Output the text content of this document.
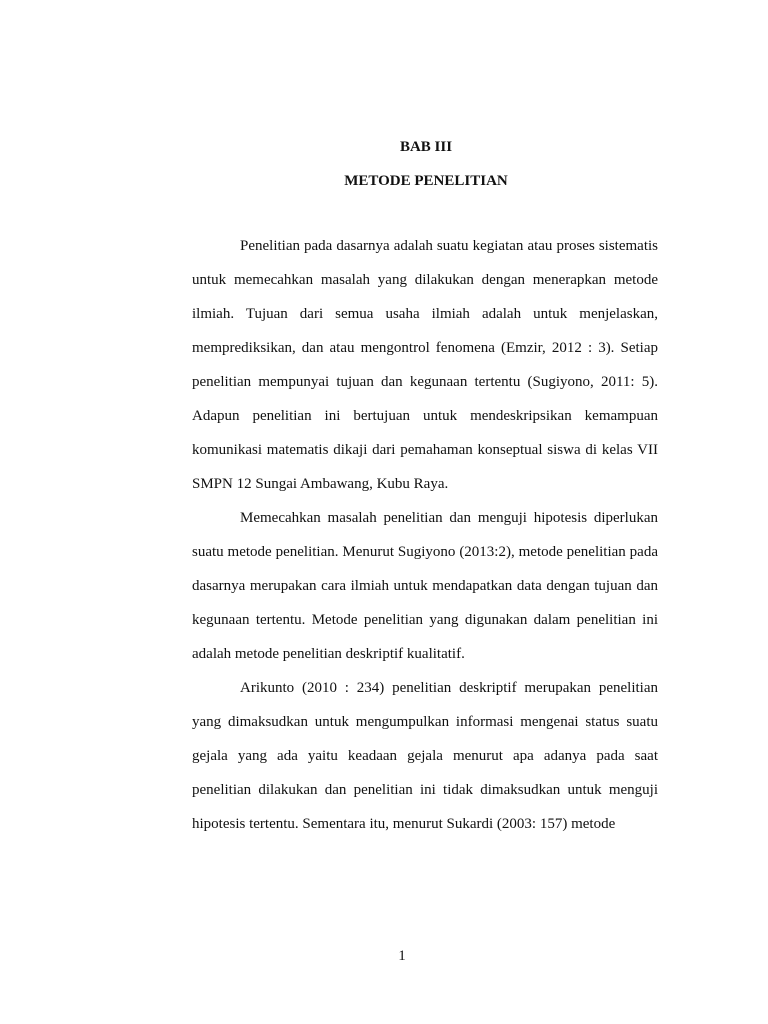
BAB III
METODE PENELITIAN

Penelitian pada dasarnya adalah suatu kegiatan atau proses sistematis untuk memecahkan masalah yang dilakukan dengan menerapkan metode ilmiah. Tujuan dari semua usaha ilmiah adalah untuk menjelaskan, memprediksikan, dan atau mengontrol fenomena (Emzir, 2012 : 3). Setiap penelitian mempunyai tujuan dan kegunaan tertentu (Sugiyono, 2011: 5). Adapun penelitian ini bertujuan untuk mendeskripsikan kemampuan komunikasi matematis dikaji dari pemahaman konseptual siswa di kelas VII SMPN 12 Sungai Ambawang, Kubu Raya.

Memecahkan masalah penelitian dan menguji hipotesis diperlukan suatu metode penelitian. Menurut Sugiyono (2013:2), metode penelitian pada dasarnya merupakan cara ilmiah untuk mendapatkan data dengan tujuan dan kegunaan tertentu. Metode penelitian yang digunakan dalam penelitian ini adalah metode penelitian deskriptif kualitatif.

Arikunto (2010 : 234) penelitian deskriptif merupakan penelitian yang dimaksudkan untuk mengumpulkan informasi mengenai status suatu gejala yang ada yaitu keadaan gejala menurut apa adanya pada saat penelitian dilakukan dan penelitian ini tidak dimaksudkan untuk menguji hipotesis tertentu. Sementara itu, menurut Sukardi (2003: 157) metode

1
